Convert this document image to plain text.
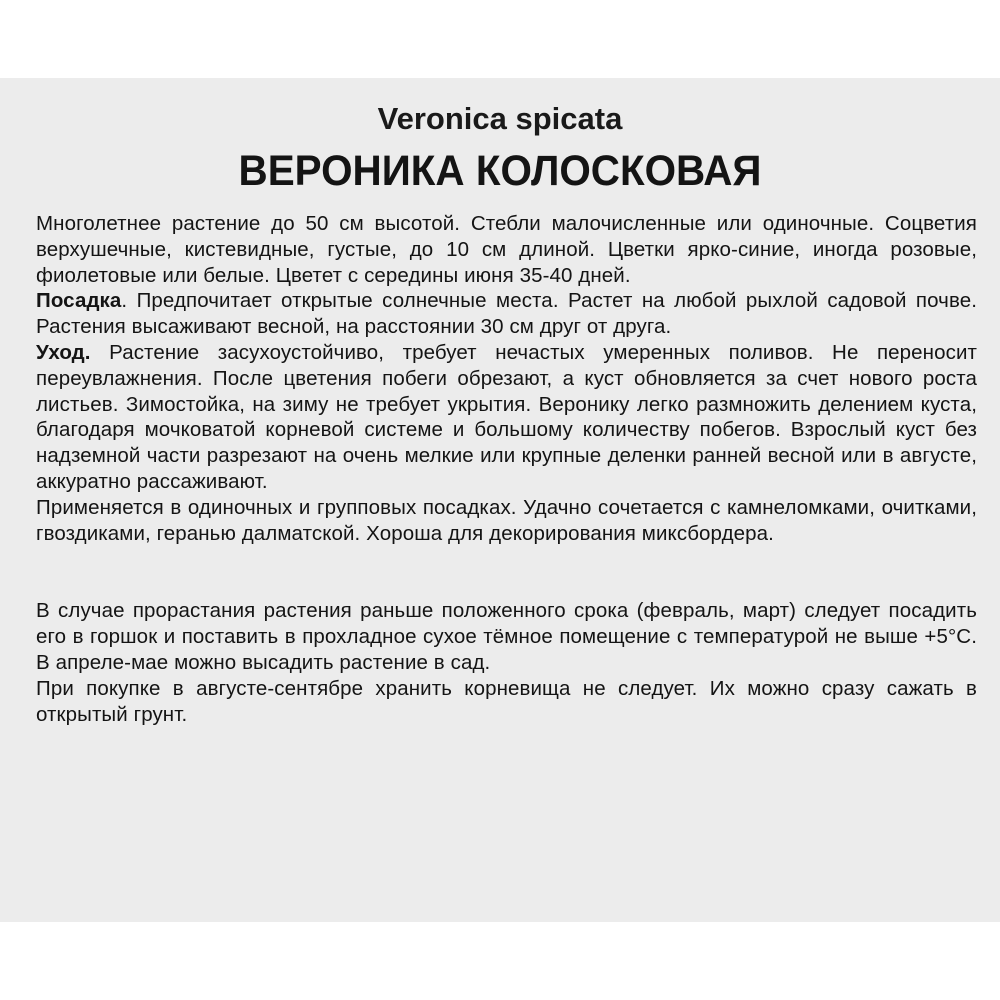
Veronica spicata
ВЕРОНИКА КОЛОСКОВАЯ

Многолетнее растение до 50 см высотой. Стебли малочисленные или одиночные. Соцветия верхушечные, кистевидные, густые, до 10 см длиной. Цветки ярко-синие, иногда розовые, фиолетовые или белые. Цветет с середины июня 35-40 дней.

Посадка. Предпочитает открытые солнечные места. Растет на любой рыхлой садовой почве. Растения высаживают весной, на расстоянии 30 см друг от друга.

Уход. Растение засухоустойчиво, требует нечастых умеренных поливов. Не переносит переувлажнения. После цветения побеги обрезают, а куст обновляется за счет нового роста листьев. Зимостойка, на зиму не требует укрытия. Веронику легко размножить делением куста, благодаря мочковатой корневой системе и большому количеству побегов. Взрослый куст без надземной части разрезают на очень мелкие или крупные деленки ранней весной или в августе, аккуратно рассаживают.

Применяется в одиночных и групповых посадках. Удачно сочетается с камнеломками, очитками, гвоздиками, геранью далматской. Хороша для декорирования миксбордера.

В случае прорастания растения раньше положенного срока (февраль, март) следует посадить его в горшок и поставить в прохладное сухое тёмное помещение с температурой не выше +5°С. В апреле-мае можно высадить растение в сад.

При покупке в августе-сентябре хранить корневища не следует. Их можно сразу сажать в открытый грунт.
